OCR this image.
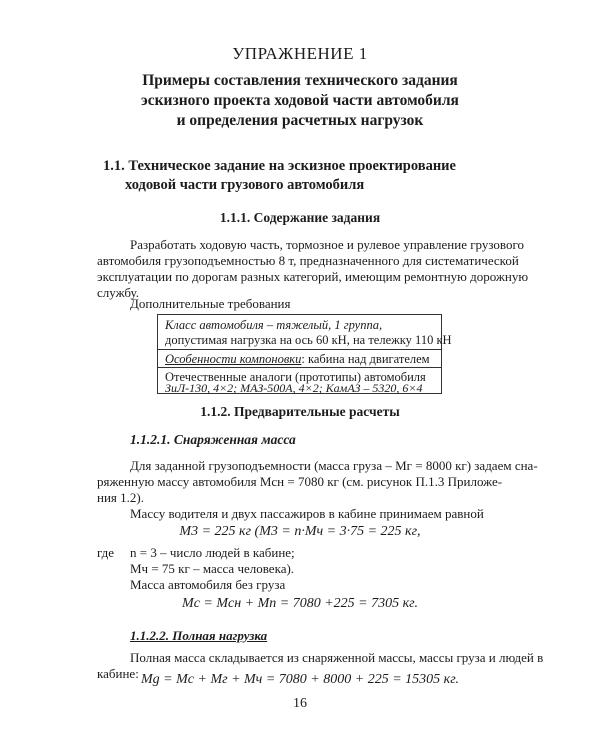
УПРАЖНЕНИЕ 1
Примеры составления технического задания
эскизного проекта ходовой части автомобиля
и определения расчетных нагрузок
1.1. Техническое задание на эскизное проектирование
ходовой части грузового автомобиля
1.1.1. Содержание задания
Разработать ходовую часть, тормозное и рулевое управление грузового
автомобиля грузоподъемностью 8 т, предназначенного для систематической
эксплуатации по дорогам разных категорий, имеющим ремонтную дорожную
службу.
Дополнительные требования
Класс автомобиля – тяжелый, 1 группа,
допустимая нагрузка на ось 60 кН, на тележку 110 кН
Особенности компоновки: кабина над двигателем
Отечественные аналоги (прототипы) автомобиля
ЗиЛ-130, 4×2; МАЗ-500А, 4×2; КамАЗ – 5320, 6×4
1.1.2. Предварительные расчеты
1.1.2.1. Снаряженная масса
Для заданной грузоподъемности (масса груза – Mг = 8000 кг) задаем сна-
ряженную массу автомобиля Mсн = 7080 кг (см. рисунок П.1.3 Приложе-
ния 1.2).
Массу водителя и двух пассажиров в кабине принимаем равной
M3 = 225 кг (M3 = n·Mч = 3·75 = 225 кг,
где n = 3 – число людей в кабине;
Mч = 75 кг – масса человека).
Масса автомобиля без груза
Mс = Mсн + Mп = 7080 +225 = 7305 кг.
1.1.2.2. Полная нагрузка
Полная масса складывается из снаряженной массы, массы груза и людей в
кабине: Mg = Mс + Mг + Mч = 7080 + 8000 + 225 = 15305 кг.
16
